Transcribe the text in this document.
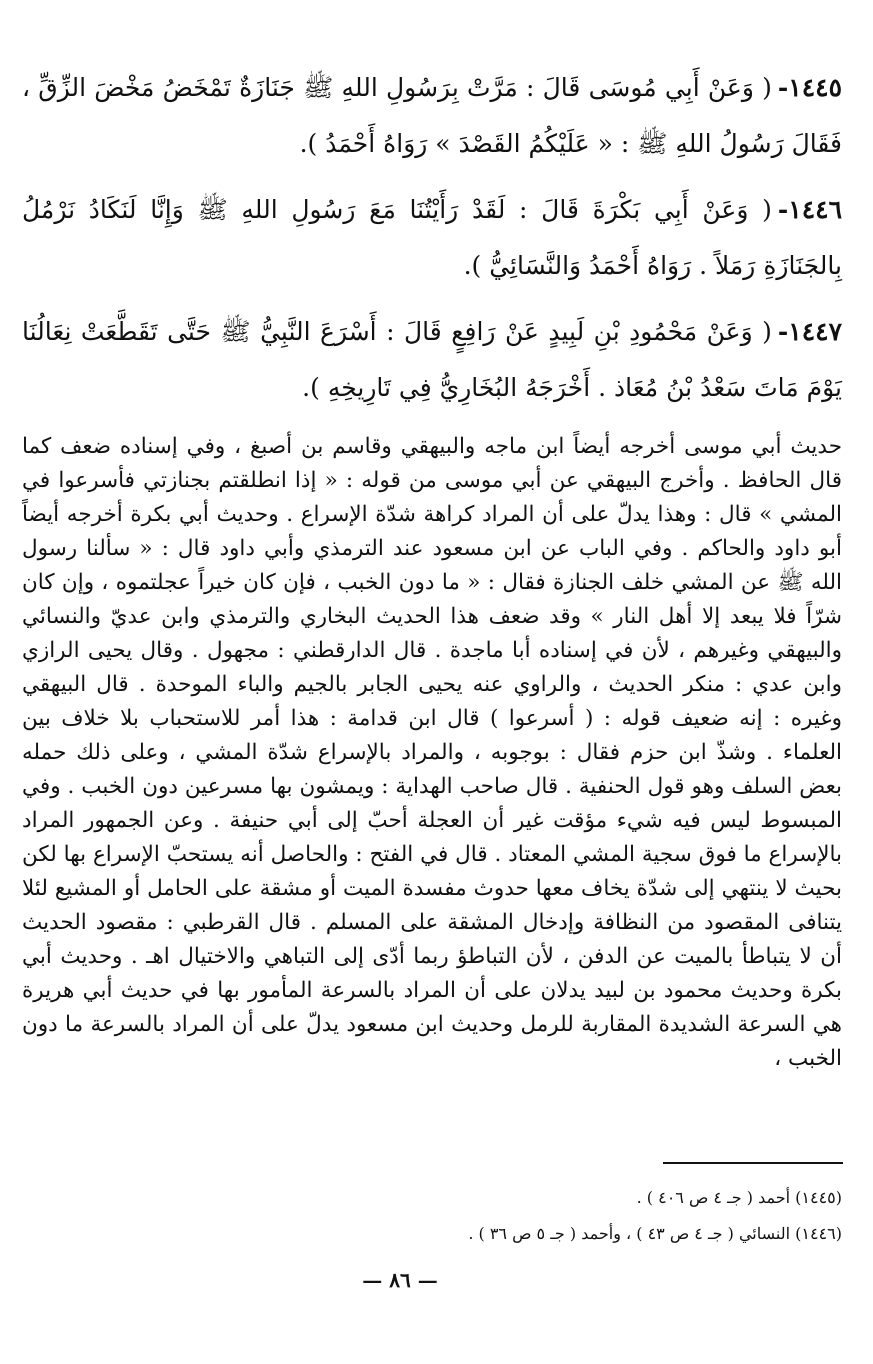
١٤٤٥-( وَعَنْ أَبِي مُوسَى قَالَ : مَرَّتْ بِرَسُولِ اللهِ ﷺ جَنَازَةٌ تَمْخَضُ مَخْضَ الزِّقِّ ، فَقَالَ رَسُولُ اللهِ ﷺ : « عَلَيْكُمُ القَصْدَ » رَوَاهُ أَحْمَدُ ).

١٤٤٦-( وَعَنْ أَبِي بَكْرَةَ قَالَ : لَقَدْ رَأَيْتُنَا مَعَ رَسُولِ اللهِ ﷺ وَإِنَّا لَنَكَادُ نَرْمُلُ بِالجَنَازَةِ رَمَلاً . رَوَاهُ أَحْمَدُ وَالنَّسَائِيُّ ).

١٤٤٧-( وَعَنْ مَحْمُودِ بْنِ لَبِيدٍ عَنْ رَافِعٍ قَالَ : أَسْرَعَ النَّبِيُّ ﷺ حَتَّى تَقَطَّعَتْ نِعَالُنَا يَوْمَ مَاتَ سَعْدُ بْنُ مُعَاذ . أَخْرَجَهُ البُخَارِيُّ فِي تَارِيخِهِ ).

حديث أبي موسى أخرجه أيضاً ابن ماجه والبيهقي وقاسم بن أصبغ ، وفي إسناده ضعف كما قال الحافظ . وأخرج البيهقي عن أبي موسى من قوله : « إذا انطلقتم بجنازتي فأسرعوا في المشي » قال : وهذا يدلّ على أن المراد كراهة شدّة الإسراع . وحديث أبي بكرة أخرجه أيضاً أبو داود والحاكم . وفي الباب عن ابن مسعود عند الترمذي وأبي داود قال : « سألنا رسول الله ﷺ عن المشي خلف الجنازة فقال : « ما دون الخبب ، فإن كان خيراً عجلتموه ، وإن كان شرّاً فلا يبعد إلا أهل النار » وقد ضعف هذا الحديث البخاري والترمذي وابن عديّ والنسائي والبيهقي وغيرهم ، لأن في إسناده أبا ماجدة . قال الدارقطني : مجهول . وقال يحيى الرازي وابن عدي : منكر الحديث ، والراوي عنه يحيى الجابر بالجيم والباء الموحدة . قال البيهقي وغيره : إنه ضعيف قوله : ( أسرعوا ) قال ابن قدامة : هذا أمر للاستحباب بلا خلاف بين العلماء . وشذّ ابن حزم فقال : بوجوبه ، والمراد بالإسراع شدّة المشي ، وعلى ذلك حمله بعض السلف وهو قول الحنفية . قال صاحب الهداية : ويمشون بها مسرعين دون الخبب . وفي المبسوط ليس فيه شيء مؤقت غير أن العجلة أحبّ إلى أبي حنيفة . وعن الجمهور المراد بالإسراع ما فوق سجية المشي المعتاد . قال في الفتح : والحاصل أنه يستحبّ الإسراع بها لكن بحيث لا ينتهي إلى شدّة يخاف معها حدوث مفسدة الميت أو مشقة على الحامل أو المشيع لئلا يتنافى المقصود من النظافة وإدخال المشقة على المسلم . قال القرطبي : مقصود الحديث أن لا يتباطأ بالميت عن الدفن ، لأن التباطؤ ربما أدّى إلى التباهي والاختيال اهـ . وحديث أبي بكرة وحديث محمود بن لبيد يدلان على أن المراد بالسرعة المأمور بها في حديث أبي هريرة هي السرعة الشديدة المقاربة للرمل وحديث ابن مسعود يدلّ على أن المراد بالسرعة ما دون الخبب ،

(١٤٤٥) أحمد ( جـ ٤ ص ٤٠٦ ) .

(١٤٤٦) النسائي ( جـ ٤ ص ٤٣ ) ، وأحمد ( جـ ٥ ص ٣٦ ) .

— ٨٦ —
